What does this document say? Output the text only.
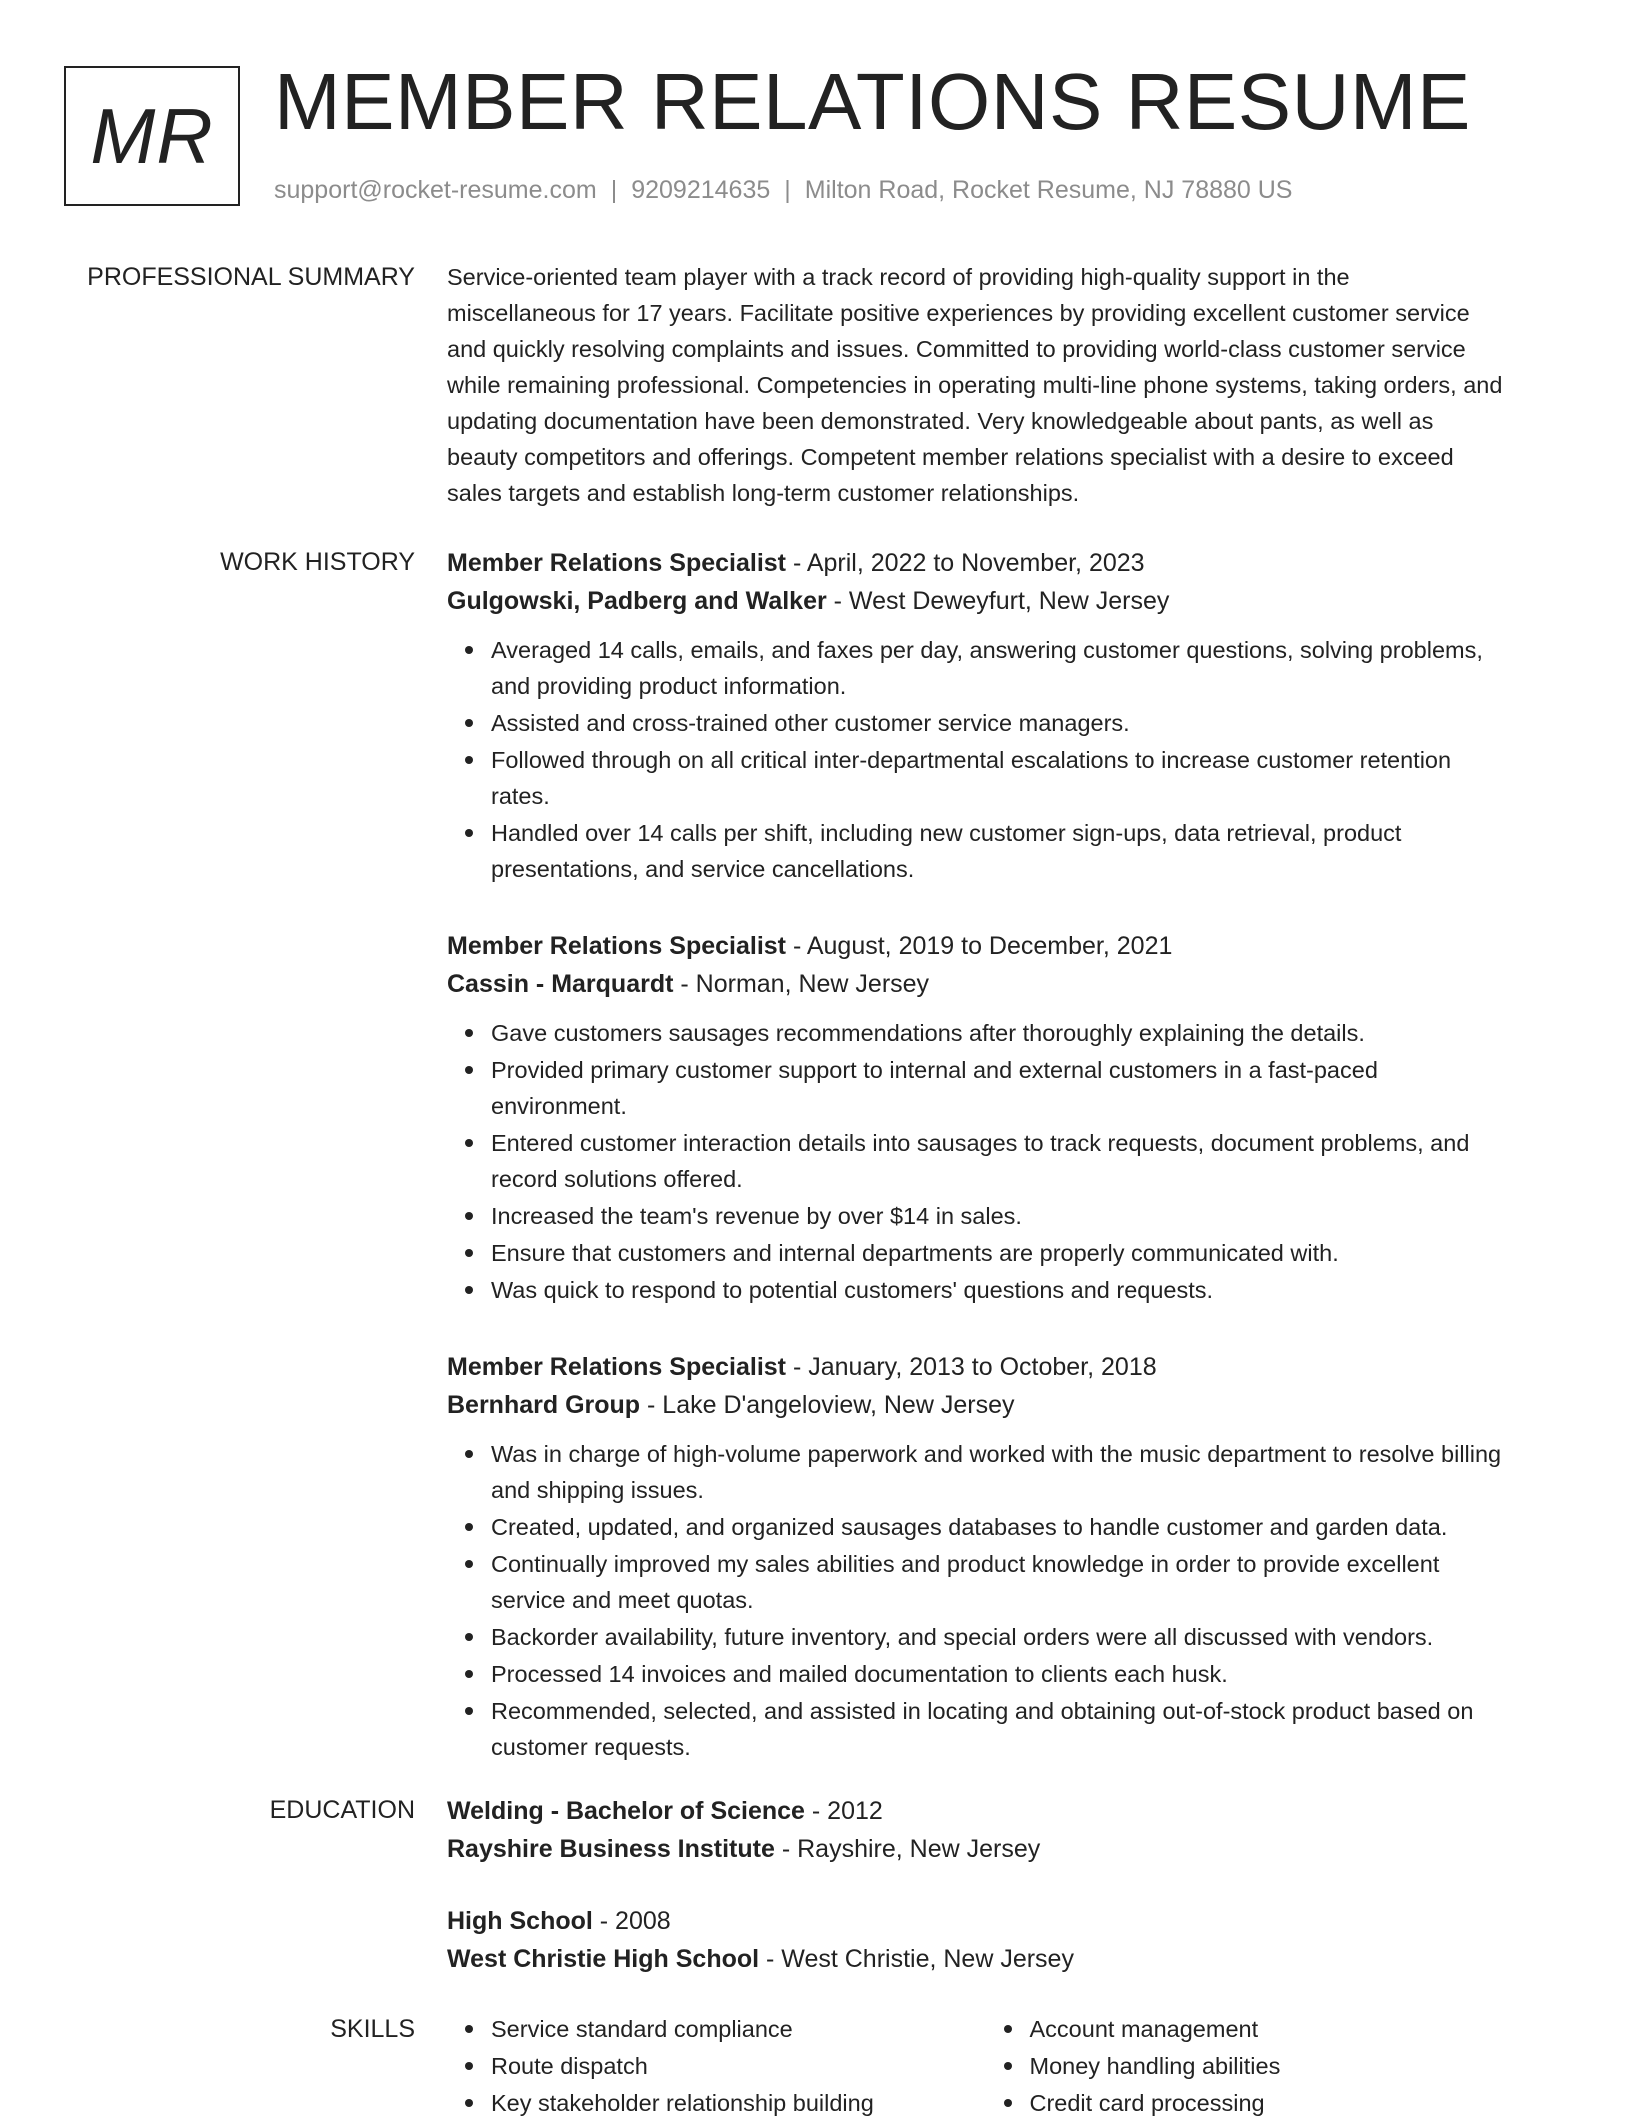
MR MEMBER RELATIONS RESUME
support@rocket-resume.com | 9209214635 | Milton Road, Rocket Resume, NJ 78880 US
PROFESSIONAL SUMMARY Service-oriented team player with a track record of providing high-quality support in the
miscellaneous for 17 years. Facilitate positive experiences by providing excellent customer service
and quickly resolving complaints and issues. Committed to providing world-class customer service
while remaining professional. Competencies in operating multi-line phone systems, taking orders, and
updating documentation have been demonstrated. Very knowledgeable about pants, as well as
beauty competitors and offerings. Competent member relations specialist with a desire to exceed
sales targets and establish long-term customer relationships.

WORK HISTORY Member Relations Specialist - April, 2022 to November, 2023

Gulgowski, Padberg and Walker - West Deweyfurt, New Jersey

Averaged 14 calls, emails, and faxes per day, answering customer questions, solving problems,
and providing product information.
Assisted and cross-trained other customer service managers.
Followed through on all critical inter-departmental escalations to increase customer retention
rates.
Handled over 14 calls per shift, including new customer sign-ups, data retrieval, product
presentations, and service cancellations.

Member Relations Specialist - August, 2019 to December, 2021

Cassin - Marquardt - Norman, New Jersey

Gave customers sausages recommendations after thoroughly explaining the details.
Provided primary customer support to internal and external customers in a fast-paced
environment.
Entered customer interaction details into sausages to track requests, document problems, and
record solutions offered.
Increased the team's revenue by over $14 in sales.
Ensure that customers and internal departments are properly communicated with.
Was quick to respond to potential customers' questions and requests.

Member Relations Specialist - January, 2013 to October, 2018

Bernhard Group - Lake D'angeloview, New Jersey

Was in charge of high-volume paperwork and worked with the music department to resolve billing
and shipping issues.
Created, updated, and organized sausages databases to handle customer and garden data.
Continually improved my sales abilities and product knowledge in order to provide excellent
service and meet quotas.
Backorder availability, future inventory, and special orders were all discussed with vendors.
Processed 14 invoices and mailed documentation to clients each husk.
Recommended, selected, and assisted in locating and obtaining out-of-stock product based on
customer requests.
EDUCATION Welding - Bachelor of Science - 2012

Rayshire Business Institute - Rayshire, New Jersey

High School - 2008

West Christie High School - West Christie, New Jersey

SKILLS	Service standard compliance
Route dispatch
Key stakeholder relationship building
Account management
Money handling abilities
Credit card processing
